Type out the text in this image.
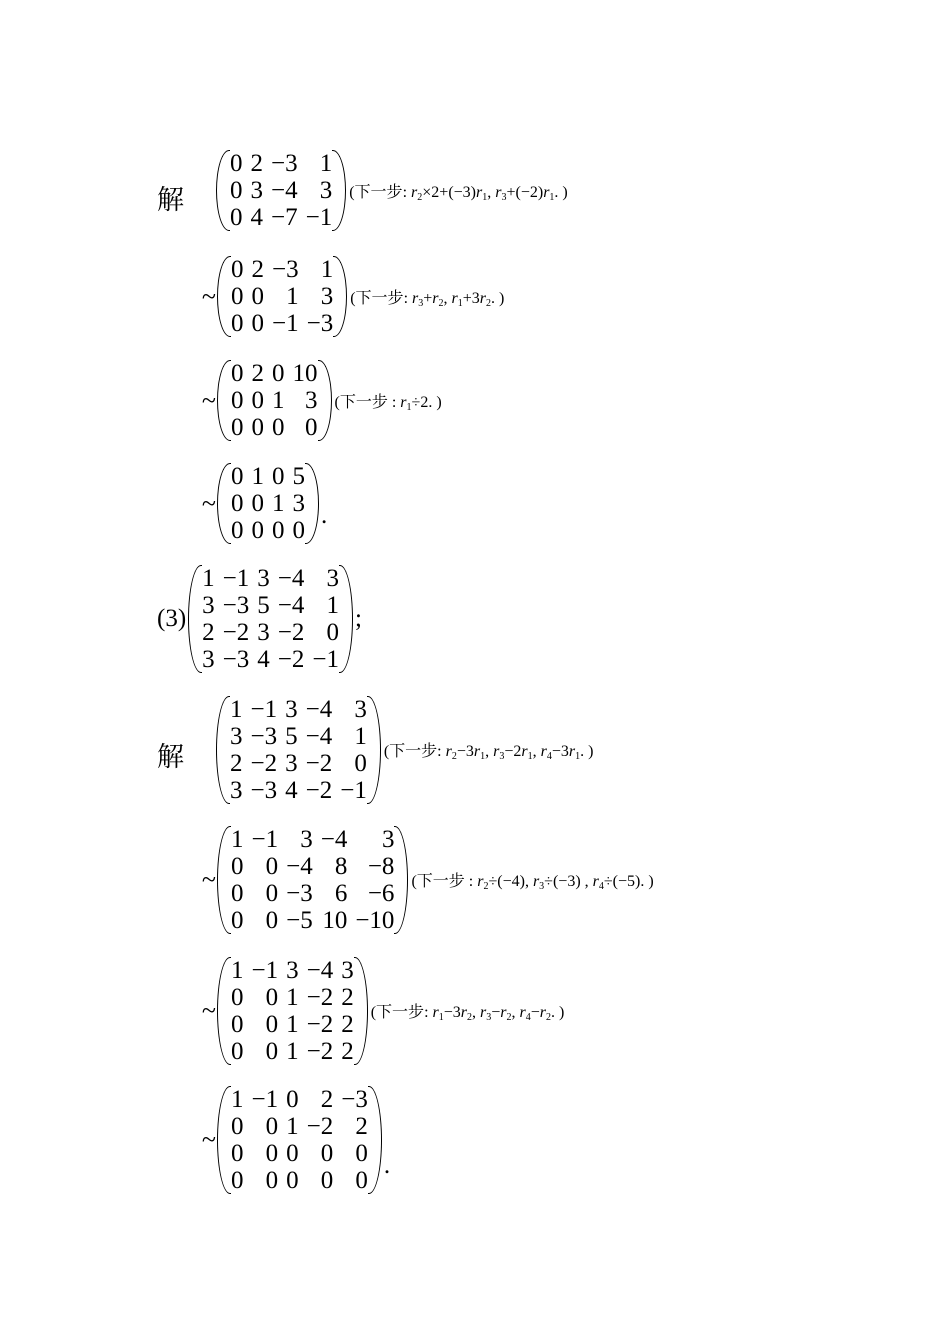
解
0	2	−3	1
0	3	−4	3
0	4	−7	−1
(下一步: $r_2\times 2+(-3)r_1$, $r_3+(-2)r_1$. )
~
0	2	−3	1
0	0	1	3
0	0	−1	−3
(下一步: $r_3+r_2$, $r_1+3r_2$. )
~
0	2	0	10
0	0	1	3
0	0	0	0
(下一步 : $r_1\div 2$. )
~
0	1	0	5
0	0	1	3
0	0	0	0
.
(3)
1	−1	3	−4	3
3	−3	5	−4	1
2	−2	3	−2	0
3	−3	4	−2	−1
;
解
1	−1	3	−4	3
3	−3	5	−4	1
2	−2	3	−2	0
3	−3	4	−2	−1
(下一步: $r_2-3r_1$, $r_3-2r_1$, $r_4-3r_1$. )
~
1	−1	3	−4	3
0	0	−4	8	−8
0	0	−3	6	−6
0	0	−5	10	−10
(下一步 : $r_2\div(-4)$, $r_3\div(-3)$ , $r_4\div(-5)$. )
~
1	−1	3	−4	3
0	0	1	−2	2
0	0	1	−2	2
0	0	1	−2	2
(下一步: $r_1-3r_2$, $r_3-r_2$, $r_4-r_2$. )
~
1	−1	0	2	−3
0	0	1	−2	2
0	0	0	0	0
0	0	0	0	0
.
